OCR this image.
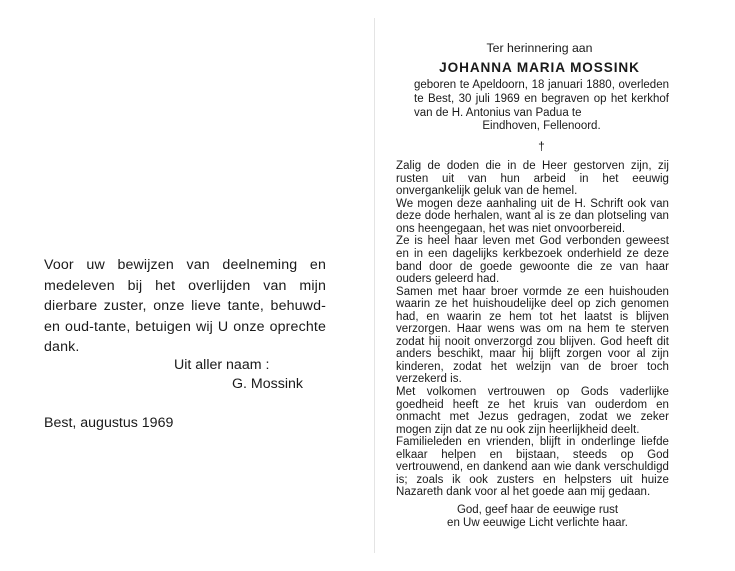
Voor uw bewijzen van deelneming en medeleven bij het overlijden van mijn dierbare zuster, onze lieve tante, behuwd- en oud-tante, betuigen wij U onze oprechte dank.
Uit aller naam :
G. Mossink
Best, augustus 1969
Ter herinnering aan
JOHANNA MARIA MOSSINK
geboren te Apeldoorn, 18 januari 1880, overleden te Best, 30 juli 1969 en begraven op het kerkhof van de H. Antonius van Padua te
Eindhoven, Fellenoord.
†

Zalig de doden die in de Heer gestorven zijn, zij rusten uit van hun arbeid in het eeuwig onvergankelijk geluk van de hemel.

We mogen deze aanhaling uit de H. Schrift ook van deze dode herhalen, want al is ze dan plotseling van ons heengegaan, het was niet onvoorbereid.

Ze is heel haar leven met God verbonden geweest en in een dagelijks kerkbezoek onderhield ze deze band door de goede gewoonte die ze van haar ouders geleerd had.

Samen met haar broer vormde ze een huishouden waarin ze het huishoudelijke deel op zich genomen had, en waarin ze hem tot het laatst is blijven verzorgen. Haar wens was om na hem te sterven zodat hij nooit onverzorgd zou blijven. God heeft dit anders beschikt, maar hij blijft zorgen voor al zijn kinderen, zodat het welzijn van de broer toch verzekerd is.

Met volkomen vertrouwen op Gods vaderlijke goedheid heeft ze het kruis van ouderdom en onmacht met Jezus gedragen, zodat we zeker mogen zijn dat ze nu ook zijn heerlijkheid deelt.

Familieleden en vrienden, blijft in onderlinge liefde elkaar helpen en bijstaan, steeds op God vertrouwend, en dankend aan wie dank verschuldigd is; zoals ik ook zusters en helpsters uit huize Nazareth dank voor al het goede aan mij gedaan.

God, geef haar de eeuwige rust
en Uw eeuwige Licht verlichte haar.
